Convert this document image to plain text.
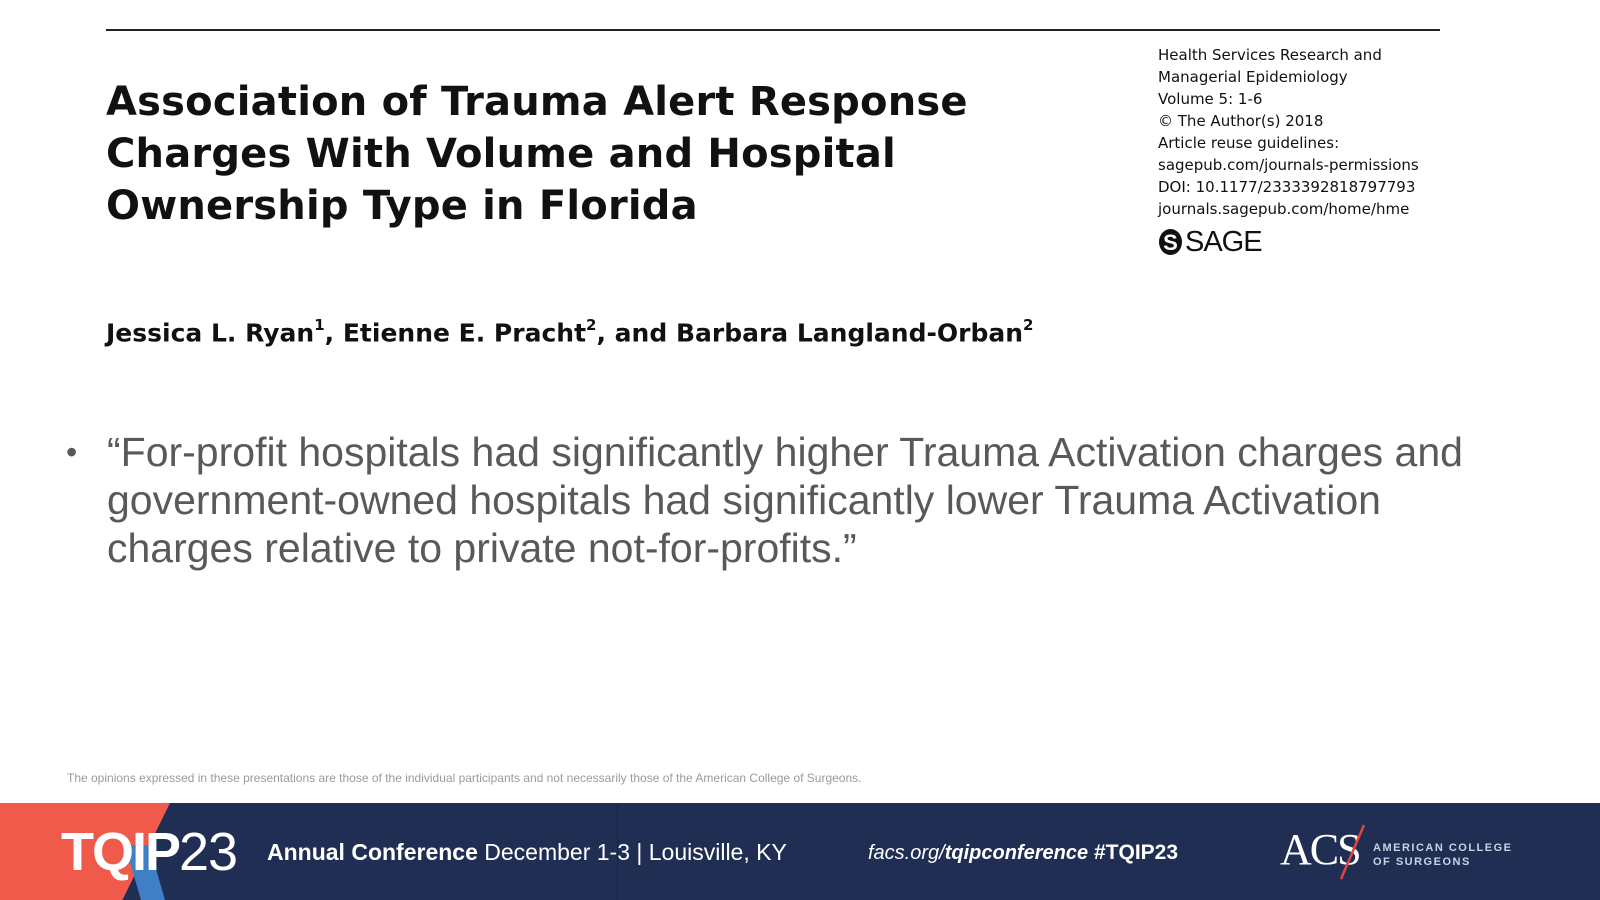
Association of Trauma Alert Response
Charges With Volume and Hospital
Ownership Type in Florida
Health Services Research and
Managerial Epidemiology
Volume 5: 1-6
© The Author(s) 2018
Article reuse guidelines:
sagepub.com/journals-permissions
DOI: 10.1177/2333392818797793
journals.sagepub.com/home/hme
S SAGE
Jessica L. Ryan$^1$, Etienne E. Pracht$^2$, and Barbara Langland-Orban$^2$
• “For-profit hospitals had significantly higher Trauma Activation charges and government-owned hospitals had significantly lower Trauma Activation charges relative to private not-for-profits.”

The opinions expressed in these presentations are those of the individual participants and not necessarily those of the American College of Surgeons.
TQIP23 Annual Conference December 1-3 | Louisville, KY	facs.org/tqipconference #TQIP23 ACS AMERICAN COLLEGE
OF SURGEONS
